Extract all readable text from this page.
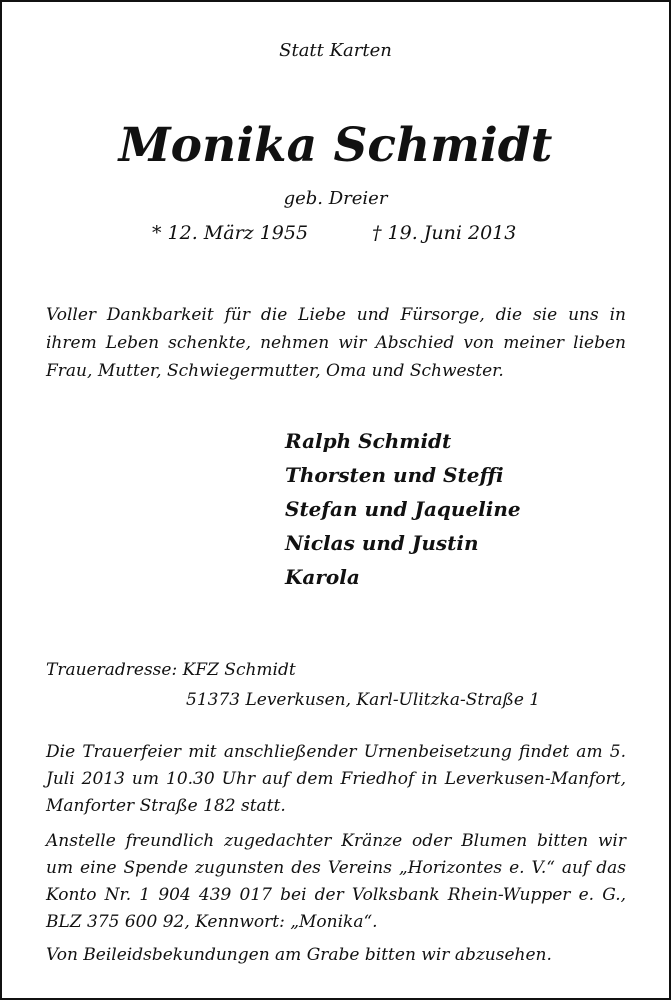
Statt Karten
Monika Schmidt
geb. Dreier
* 12. März 1955	† 19. Juni 2013
Voller Dankbarkeit für die Liebe und Fürsorge, die sie uns in ihrem Leben schenkte, nehmen wir Abschied von meiner lieben Frau, Mutter, Schwiegermutter, Oma und Schwester.
Ralph Schmidt
Thorsten und Steffi
Stefan und Jaqueline
Niclas und Justin
Karola
Traueradresse: KFZ Schmidt
51373 Leverkusen, Karl-Ulitzka-Straße 1
Die Trauerfeier mit anschließender Urnenbeisetzung findet am 5. Juli 2013 um 10.30 Uhr auf dem Friedhof in Leverkusen-Manfort, Manforter Straße 182 statt.
Anstelle freundlich zugedachter Kränze oder Blumen bitten wir um eine Spende zugunsten des Vereins „Horizontes e. V.“ auf das Konto Nr. 1 904 439 017 bei der Volksbank Rhein-Wupper e. G., BLZ 375 600 92, Kennwort: „Monika“.
Von Beileidsbekundungen am Grabe bitten wir abzusehen.
